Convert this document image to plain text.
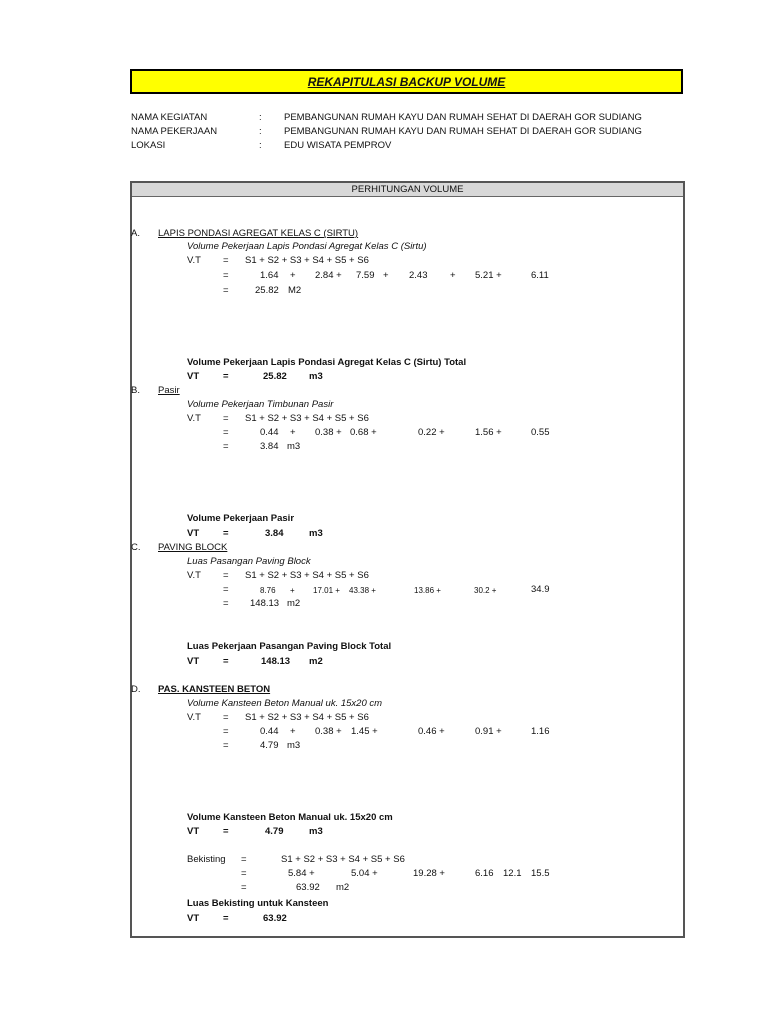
REKAPITULASI BACKUP VOLUME
NAMA KEGIATAN	: PEMBANGUNAN RUMAH KAYU DAN RUMAH SEHAT DI DAERAH GOR SUDIANG
NAMA PEKERJAAN	: PEMBANGUNAN RUMAH KAYU DAN RUMAH SEHAT DI DAERAH GOR SUDIANG
LOKASI	: EDU WISATA PEMPROV
PERHITUNGAN VOLUME
A. LAPIS PONDASI AGREGAT KELAS C (SIRTU)
Volume Pekerjaan Lapis Pondasi Agregat Kelas C (Sirtu)
V.T = S1 + S2 + S3 + S4 + S5 + S6
=	1.64 + 2.84 + 7.59 + 2.43 + 5.21 +	6.11
=	25.82 M2
Volume Pekerjaan Lapis Pondasi Agregat Kelas C (Sirtu) Total
VT	=	25.82 m3
B. Pasir
Volume Pekerjaan Timbunan Pasir
V.T = S1 + S2 + S3 + S4 + S5 + S6
=	0.44 + 0.38 + 0.68 +	0.22 +	1.56 +	0.55
=	3.84 m3
Volume Pekerjaan Pasir
VT	=	3.84	m3
C. PAVING BLOCK
Luas Pasangan Paving Block
V.T = S1 + S2 + S3 + S4 + S5 + S6
=	8.76 + 17.01 + 43.38 +	13.86 +	30.2 +	34.9
= 148.13 m2
Luas Pekerjaan Pasangan Paving Block Total
VT	=	148.13 m2
D. PAS. KANSTEEN BETON
Volume Kansteen Beton Manual uk. 15x20 cm
V.T = S1 + S2 + S3 + S4 + S5 + S6
=	0.44 + 0.38 + 1.45 +	0.46 +	0.91 +	1.16
=	4.79 m3
Volume Kansteen Beton Manual uk. 15x20 cm
VT	=	4.79	m3
Bekisting =	S1 + S2 + S3 + S4 + S5 + S6
=	5.84 +	5.04 +	19.28 +	6.16 12.1 15.5
=	63.92 m2
Luas Bekisting untuk Kansteen
VT	=	63.92
